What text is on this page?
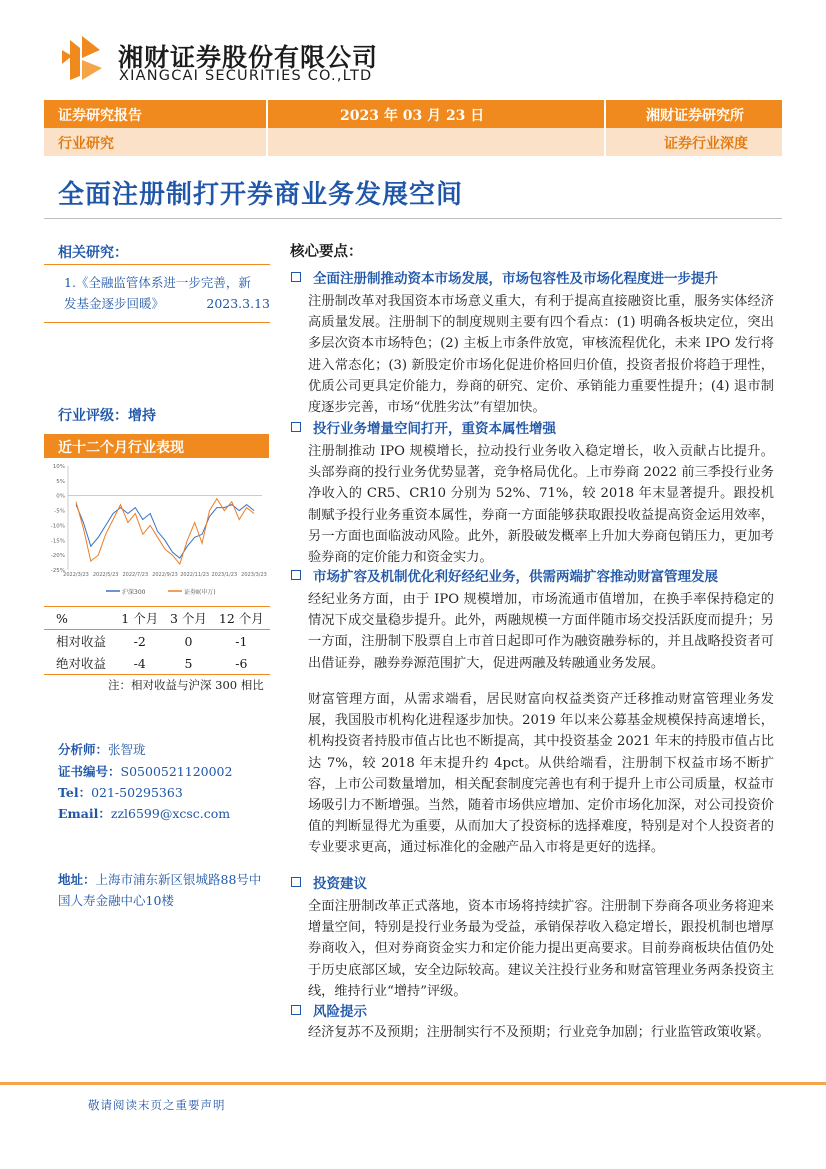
湘财证券股份有限公司
XIANGCAI SECURITIES CO.,LTD
证券研究报告	2023 年 03 月 23 日	湘财证券研究所
行业研究	证券行业深度
全面注册制打开券商业务发展空间
相关研究：
1.《全融监管体系进一步完善，新
发基金逐步回暖》	2023.3.13
行业评级：增持
近十二个月行业表现
10%
5%
0%
-5%
-10%
-15%
-20%
-25%
2022/3/23 2022/5/23 2022/7/23 2022/9/23 2022/11/23 2023/1/23 2023/3/23
沪深300	证券Ⅱ(申万)
%	1 个月	3 个月	12 个月
相对收益	-2	0	-1
绝对收益	-4	5	-6
注：相对收益与沪深 300 相比
分析师：张智珑
证书编号：S0500521120002
Tel：021-50295363
Email：zzl6599@xcsc.com
地址：上海市浦东新区银城路88号中
国人寿金融中心10楼
核心要点：
全面注册制推动资本市场发展，市场包容性及市场化程度进一步提升
注册制改革对我国资本市场意义重大，有利于提高直接融资比重，服务实体经济高质量发展。注册制下的制度规则主要有四个看点：(1) 明确各板块定位，突出多层次资本市场特色；(2) 主板上市条件放宽，审核流程优化，未来 IPO 发行将进入常态化；(3) 新股定价市场化促进价格回归价值，投资者报价将趋于理性，优质公司更具定价能力，券商的研究、定价、承销能力重要性提升；(4) 退市制度逐步完善，市场“优胜劣汰”有望加快。
投行业务增量空间打开，重资本属性增强
注册制推动 IPO 规模增长，拉动投行业务收入稳定增长，收入贡献占比提升。头部券商的投行业务优势显著，竞争格局优化。上市券商 2022 前三季投行业务净收入的 CR5、CR10 分别为 52%、71%，较 2018 年末显著提升。跟投机制赋予投行业务重资本属性，券商一方面能够获取跟投收益提高资金运用效率，另一方面也面临波动风险。此外，新股破发概率上升加大券商包销压力，更加考验券商的定价能力和资金实力。
市场扩容及机制优化利好经纪业务，供需两端扩容推动财富管理发展
经纪业务方面，由于 IPO 规模增加，市场流通市值增加，在换手率保持稳定的情况下成交量稳步提升。此外，两融规模一方面伴随市场交投活跃度而提升；另一方面，注册制下股票自上市首日起即可作为融资融券标的，并且战略投资者可出借证券，融券券源范围扩大，促进两融及转融通业务发展。
财富管理方面，从需求端看，居民财富向权益类资产迁移推动财富管理业务发展，我国股市机构化进程逐步加快。2019 年以来公募基金规模保持高速增长，机构投资者持股市值占比也不断提高，其中投资基金 2021 年末的持股市值占比达 7%，较 2018 年末提升约 4pct。从供给端看，注册制下权益市场不断扩容，上市公司数量增加，相关配套制度完善也有利于提升上市公司质量，权益市场吸引力不断增强。当然，随着市场供应增加、定价市场化加深，对公司投资价值的判断显得尤为重要，从而加大了投资标的选择难度，特别是对个人投资者的专业要求更高，通过标准化的金融产品入市将是更好的选择。
投资建议
全面注册制改革正式落地，资本市场将持续扩容。注册制下券商各项业务将迎来增量空间，特别是投行业务最为受益，承销保荐收入稳定增长，跟投机制也增厚券商收入，但对券商资金实力和定价能力提出更高要求。目前券商板块估值仍处于历史底部区域，安全边际较高。建议关注投行业务和财富管理业务两条投资主线，维持行业“增持”评级。
风险提示
经济复苏不及预期；注册制实行不及预期；行业竞争加剧；行业监管政策收紧。
敬请阅读末页之重要声明
